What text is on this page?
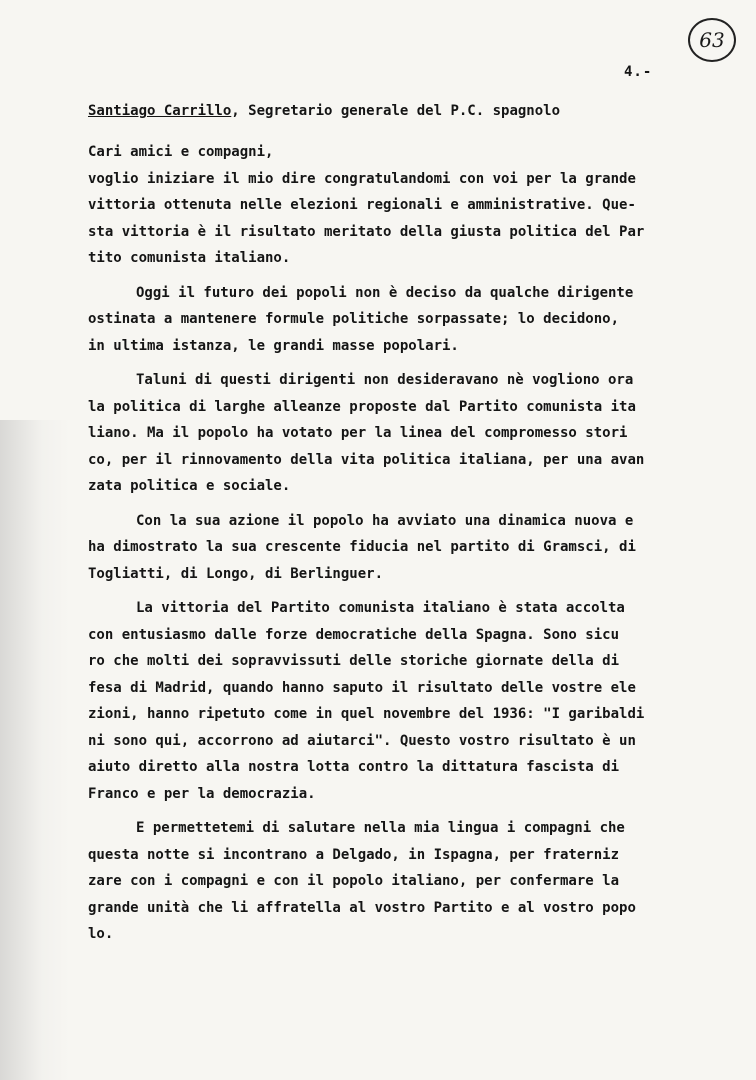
63
4.-
Santiago Carrillo, Segretario generale del P.C. spagnolo
Cari amici e compagni,
voglio iniziare il mio dire congratulandomi con voi per la grande
vittoria ottenuta nelle elezioni regionali e amministrative. Que-
sta vittoria è il risultato meritato della giusta politica del Par
tito comunista italiano.
Oggi il futuro dei popoli non è deciso da qualche dirigente
ostinata a mantenere formule politiche sorpassate; lo decidono,
in ultima istanza, le grandi masse popolari.
Taluni di questi dirigenti non desideravano nè vogliono ora
la politica di larghe alleanze proposte dal Partito comunista ita
liano. Ma il popolo ha votato per la linea del compromesso stori
co, per il rinnovamento della vita politica italiana, per una avan
zata politica e sociale.
Con la sua azione il popolo ha avviato una dinamica nuova e
ha dimostrato la sua crescente fiducia nel partito di Gramsci, di
Togliatti, di Longo, di Berlinguer.
La vittoria del Partito comunista italiano è stata accolta
con entusiasmo dalle forze democratiche della Spagna. Sono sicu
ro che molti dei sopravvissuti delle storiche giornate della di
fesa di Madrid, quando hanno saputo il risultato delle vostre ele
zioni, hanno ripetuto come in quel novembre del 1936: "I garibaldi
ni sono qui, accorrono ad aiutarci". Questo vostro risultato è un
aiuto diretto alla nostra lotta contro la dittatura fascista di
Franco e per la democrazia.
E permettetemi di salutare nella mia lingua i compagni che
questa notte si incontrano a Delgado, in Ispagna, per fraterniz
zare con i compagni e con il popolo italiano, per confermare la
grande unità che li affratella al vostro Partito e al vostro popo
lo.
